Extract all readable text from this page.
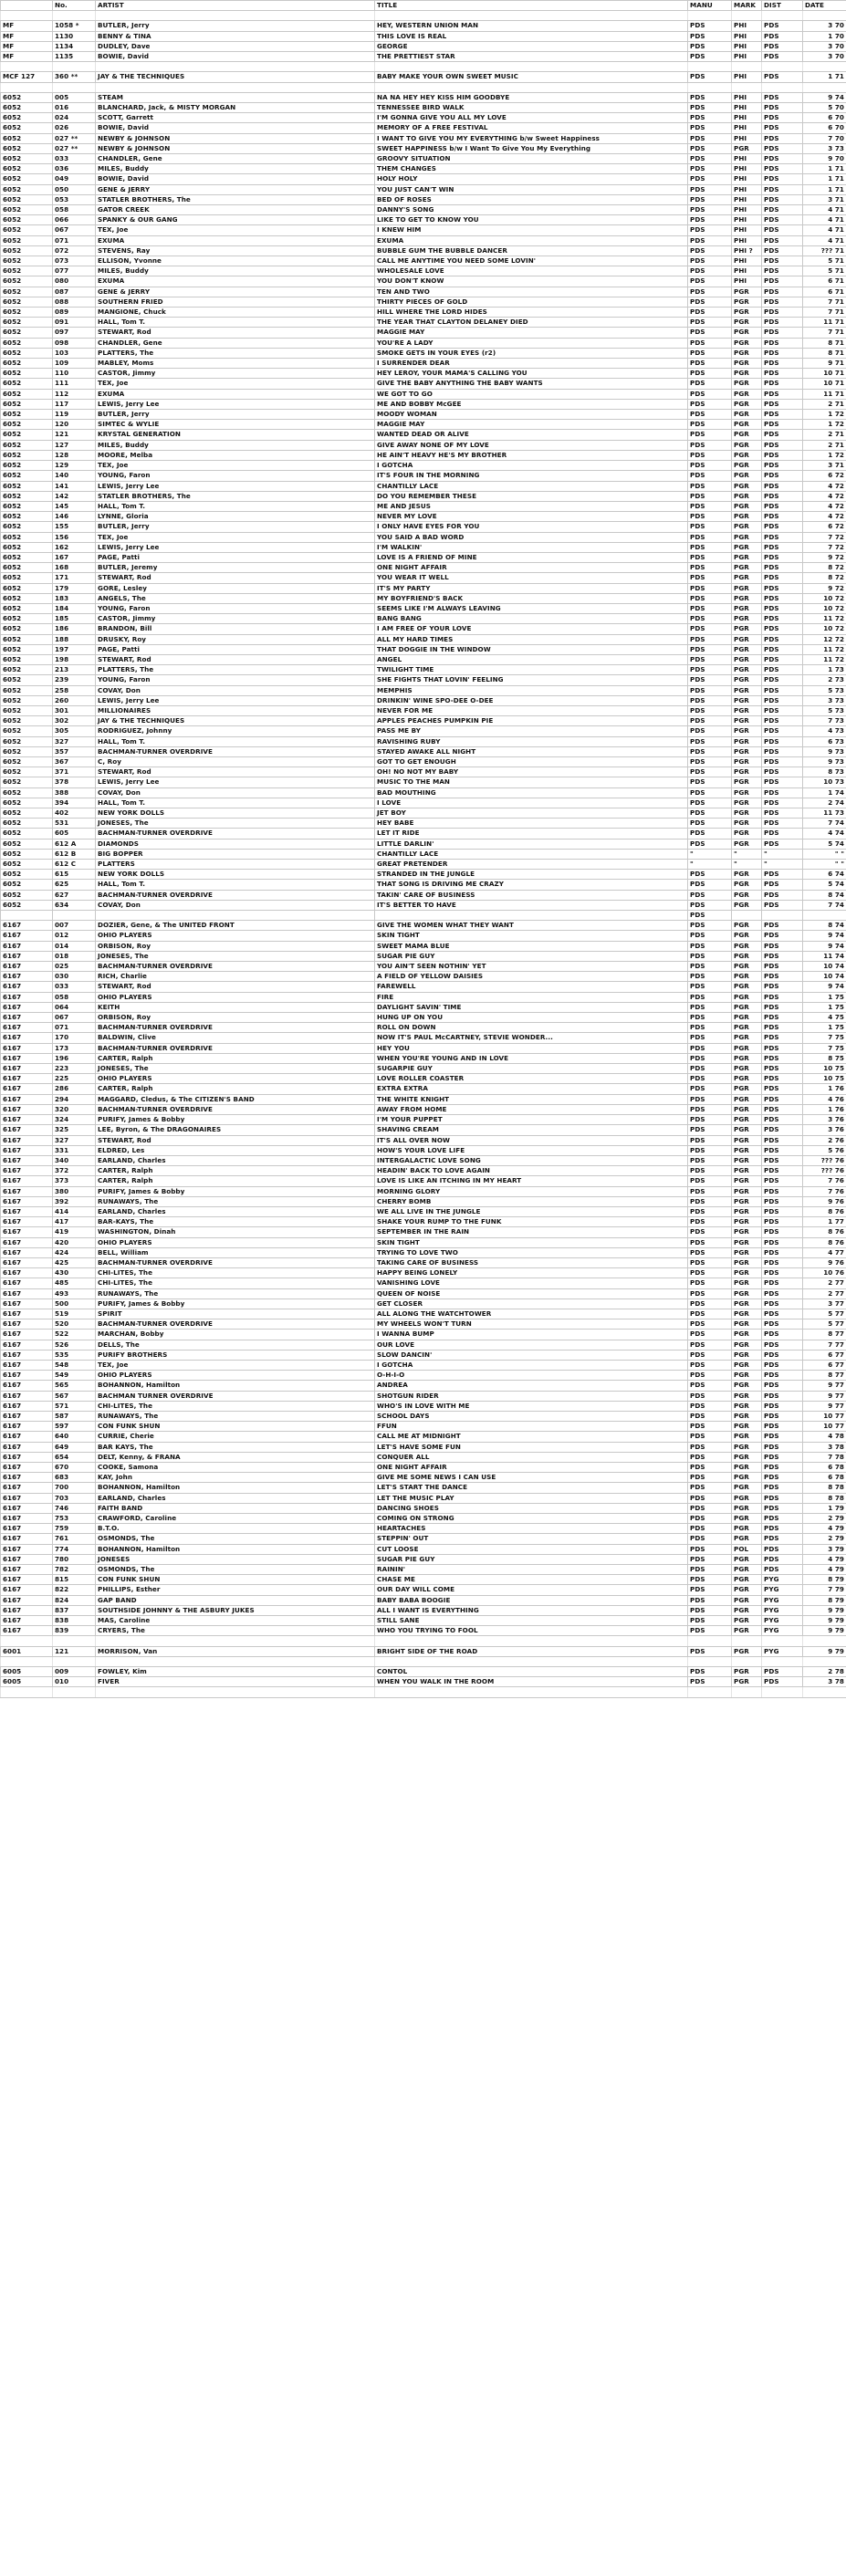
	No.	ARTIST	TITLE	MANU	MARK	DIST	DATE

MF	1058 *	BUTLER, Jerry	HEY, WESTERN UNION MAN	PDS	PHI	PDS	3 70
MF	1130	BENNY & TINA	THIS LOVE IS REAL	PDS	PHI	PDS	1 70
MF	1134	DUDLEY, Dave	GEORGE	PDS	PHI	PDS	3 70
MF	1135	BOWIE, David	THE PRETTIEST STAR	PDS	PHI	PDS	3 70

MCF 127	360 **	JAY & THE TECHNIQUES	BABY MAKE YOUR OWN SWEET MUSIC	PDS	PHI	PDS	1 71

6052	005	STEAM	NA NA HEY HEY KISS HIM GOODBYE	PDS	PHI	PDS	9 74
6052	016	BLANCHARD, Jack, & MISTY MORGAN	TENNESSEE BIRD WALK	PDS	PHI	PDS	5 70
6052	024	SCOTT, Garrett	I'M GONNA GIVE YOU ALL MY LOVE	PDS	PHI	PDS	6 70
6052	026	BOWIE, David	MEMORY OF A FREE FESTIVAL	PDS	PHI	PDS	6 70
6052	027 **	NEWBY & JOHNSON	I WANT TO GIVE YOU MY EVERYTHING b/w Sweet Happiness	PDS	PHI	PDS	7 70
6052	027 **	NEWBY & JOHNSON	SWEET HAPPINESS b/w I Want To Give You My Everything	PDS	PGR	PDS	3 73
6052	033	CHANDLER, Gene	GROOVY SITUATION	PDS	PHI	PDS	9 70
6052	036	MILES, Buddy	THEM CHANGES	PDS	PHI	PDS	1 71
6052	049	BOWIE, David	HOLY HOLY	PDS	PHI	PDS	1 71
6052	050	GENE & JERRY	YOU JUST CAN'T WIN	PDS	PHI	PDS	1 71
6052	053	STATLER BROTHERS, The	BED OF ROSES	PDS	PHI	PDS	3 71
6052	058	GATOR CREEK	DANNY'S SONG	PDS	PHI	PDS	4 71
6052	066	SPANKY & OUR GANG	LIKE TO GET TO KNOW YOU	PDS	PHI	PDS	4 71
6052	067	TEX, Joe	I KNEW HIM	PDS	PHI	PDS	4 71
6052	071	EXUMA	EXUMA	PDS	PHI	PDS	4 71
6052	072	STEVENS, Ray	BUBBLE GUM THE BUBBLE DANCER	PDS	PHI ?	PDS	??? 71
6052	073	ELLISON, Yvonne	CALL ME ANYTIME YOU NEED SOME LOVIN'	PDS	PHI	PDS	5 71
6052	077	MILES, Buddy	WHOLESALE LOVE	PDS	PHI	PDS	5 71
6052	080	EXUMA	YOU DON'T KNOW	PDS	PHI	PDS	6 71
6052	087	GENE & JERRY	TEN AND TWO	PDS	PGR	PDS	6 71
6052	088	SOUTHERN FRIED	THIRTY PIECES OF GOLD	PDS	PGR	PDS	7 71
6052	089	MANGIONE, Chuck	HILL WHERE THE LORD HIDES	PDS	PGR	PDS	7 71
6052	091	HALL, Tom T.	THE YEAR THAT CLAYTON DELANEY DIED	PDS	PGR	PDS	11 71
6052	097	STEWART, Rod	MAGGIE MAY	PDS	PGR	PDS	7 71
6052	098	CHANDLER, Gene	YOU'RE A LADY	PDS	PGR	PDS	8 71
6052	103	PLATTERS, The	SMOKE GETS IN YOUR EYES (r2)	PDS	PGR	PDS	8 71
6052	109	MABLEY, Moms	I SURRENDER DEAR	PDS	PGR	PDS	9 71
6052	110	CASTOR, Jimmy	HEY LEROY, YOUR MAMA'S CALLING YOU	PDS	PGR	PDS	10 71
6052	111	TEX, Joe	GIVE THE BABY ANYTHING THE BABY WANTS	PDS	PGR	PDS	10 71
6052	112	EXUMA	WE GOT TO GO	PDS	PGR	PDS	11 71
6052	117	LEWIS, Jerry Lee	ME AND BOBBY McGEE	PDS	PGR	PDS	2 71
6052	119	BUTLER, Jerry	MOODY WOMAN	PDS	PGR	PDS	1 72
6052	120	SIMTEC & WYLIE	MAGGIE MAY	PDS	PGR	PDS	1 72
6052	121	KRYSTAL GENERATION	WANTED DEAD OR ALIVE	PDS	PGR	PDS	2 71
6052	127	MILES, Buddy	GIVE AWAY NONE OF MY LOVE	PDS	PGR	PDS	2 71
6052	128	MOORE, Melba	HE AIN'T HEAVY HE'S MY BROTHER	PDS	PGR	PDS	1 72
6052	129	TEX, Joe	I GOTCHA	PDS	PGR	PDS	3 71
6052	140	YOUNG, Faron	IT'S FOUR IN THE MORNING	PDS	PGR	PDS	6 72
6052	141	LEWIS, Jerry Lee	CHANTILLY LACE	PDS	PGR	PDS	4 72
6052	142	STATLER BROTHERS, The	DO YOU REMEMBER THESE	PDS	PGR	PDS	4 72
6052	145	HALL, Tom T.	ME AND JESUS	PDS	PGR	PDS	4 72
6052	146	LYNNE, Gloria	NEVER MY LOVE	PDS	PGR	PDS	4 72
6052	155	BUTLER, Jerry	I ONLY HAVE EYES FOR YOU	PDS	PGR	PDS	6 72
6052	156	TEX, Joe	YOU SAID A BAD WORD	PDS	PGR	PDS	7 72
6052	162	LEWIS, Jerry Lee	I'M WALKIN'	PDS	PGR	PDS	7 72
6052	167	PAGE, Patti	LOVE IS A FRIEND OF MINE	PDS	PGR	PDS	9 72
6052	168	BUTLER, Jeremy	ONE NIGHT AFFAIR	PDS	PGR	PDS	8 72
6052	171	STEWART, Rod	YOU WEAR IT WELL	PDS	PGR	PDS	8 72
6052	179	GORE, Lesley	IT'S MY PARTY	PDS	PGR	PDS	9 72
6052	183	ANGELS, The	MY BOYFRIEND'S BACK	PDS	PGR	PDS	10 72
6052	184	YOUNG, Faron	SEEMS LIKE I'M ALWAYS LEAVING	PDS	PGR	PDS	10 72
6052	185	CASTOR, Jimmy	BANG BANG	PDS	PGR	PDS	11 72
6052	186	BRANDON, Bill	I AM FREE OF YOUR LOVE	PDS	PGR	PDS	10 72
6052	188	DRUSKY, Roy	ALL MY HARD TIMES	PDS	PGR	PDS	12 72
6052	197	PAGE, Patti	THAT DOGGIE IN THE WINDOW	PDS	PGR	PDS	11 72
6052	198	STEWART, Rod	ANGEL	PDS	PGR	PDS	11 72
6052	213	PLATTERS, The	TWILIGHT TIME	PDS	PGR	PDS	1 73
6052	239	YOUNG, Faron	SHE FIGHTS THAT LOVIN' FEELING	PDS	PGR	PDS	2 73
6052	258	COVAY, Don	MEMPHIS	PDS	PGR	PDS	5 73
6052	260	LEWIS, Jerry Lee	DRINKIN' WINE SPO-DEE O-DEE	PDS	PGR	PDS	3 73
6052	301	MILLIONAIRES	NEVER FOR ME	PDS	PGR	PDS	5 73
6052	302	JAY & THE TECHNIQUES	APPLES PEACHES PUMPKIN PIE	PDS	PGR	PDS	7 73
6052	305	RODRIGUEZ, Johnny	PASS ME BY	PDS	PGR	PDS	4 73
6052	327	HALL, Tom T.	RAVISHING RUBY	PDS	PGR	PDS	6 73
6052	357	BACHMAN-TURNER OVERDRIVE	STAYED AWAKE ALL NIGHT	PDS	PGR	PDS	9 73
6052	367	C, Roy	GOT TO GET ENOUGH	PDS	PGR	PDS	9 73
6052	371	STEWART, Rod	OH! NO NOT MY BABY	PDS	PGR	PDS	8 73
6052	378	LEWIS, Jerry Lee	MUSIC TO THE MAN	PDS	PGR	PDS	10 73
6052	388	COVAY, Don	BAD MOUTHING	PDS	PGR	PDS	1 74
6052	394	HALL, Tom T.	I LOVE	PDS	PGR	PDS	2 74
6052	402	NEW YORK DOLLS	JET BOY	PDS	PGR	PDS	11 73
6052	531	JONESES, The	HEY BABE	PDS	PGR	PDS	7 74
6052	605	BACHMAN-TURNER OVERDRIVE	LET IT RIDE	PDS	PGR	PDS	4 74
6052	612 A	DIAMONDS	LITTLE DARLIN'	PDS	PGR	PDS	5 74
6052	612 B	BIG BOPPER	CHANTILLY LACE	"	"	"	" "
6052	612 C	PLATTERS	GREAT PRETENDER	"	"	"	" "
6052	615	NEW YORK DOLLS	STRANDED IN THE JUNGLE	PDS	PGR	PDS	6 74
6052	625	HALL, Tom T.	THAT SONG IS DRIVING ME CRAZY	PDS	PGR	PDS	5 74
6052	627	BACHMAN-TURNER OVERDRIVE	TAKIN' CARE OF BUSINESS	PDS	PGR	PDS	8 74
6052	634	COVAY, Don	IT'S BETTER TO HAVE	PDS	PGR	PDS	7 74
				PDS			
6167	007	DOZIER, Gene, & The UNITED FRONT	GIVE THE WOMEN WHAT THEY WANT	PDS	PGR	PDS	8 74
6167	012	OHIO PLAYERS	SKIN TIGHT	PDS	PGR	PDS	9 74
6167	014	ORBISON, Roy	SWEET MAMA BLUE	PDS	PGR	PDS	9 74
6167	018	JONESES, The	SUGAR PIE GUY	PDS	PGR	PDS	11 74
6167	025	BACHMAN-TURNER OVERDRIVE	YOU AIN'T SEEN NOTHIN' YET	PDS	PGR	PDS	10 74
6167	030	RICH, Charlie	A FIELD OF YELLOW DAISIES	PDS	PGR	PDS	10 74
6167	033	STEWART, Rod	FAREWELL	PDS	PGR	PDS	9 74
6167	058	OHIO PLAYERS	FIRE	PDS	PGR	PDS	1 75
6167	064	KEITH	DAYLIGHT SAVIN' TIME	PDS	PGR	PDS	1 75
6167	067	ORBISON, Roy	HUNG UP ON YOU	PDS	PGR	PDS	4 75
6167	071	BACHMAN-TURNER OVERDRIVE	ROLL ON DOWN	PDS	PGR	PDS	1 75
6167	170	BALDWIN, Clive	NOW IT'S PAUL McCARTNEY, STEVIE WONDER...	PDS	PGR	PDS	7 75
6167	173	BACHMAN-TURNER OVERDRIVE	HEY YOU	PDS	PGR	PDS	7 75
6167	196	CARTER, Ralph	WHEN YOU'RE YOUNG AND IN LOVE	PDS	PGR	PDS	8 75
6167	223	JONESES, The	SUGARPIE GUY	PDS	PGR	PDS	10 75
6167	225	OHIO PLAYERS	LOVE ROLLER COASTER	PDS	PGR	PDS	10 75
6167	286	CARTER, Ralph	EXTRA EXTRA	PDS	PGR	PDS	1 76
6167	294	MAGGARD, Cledus, & The CITIZEN'S BAND	THE WHITE KNIGHT	PDS	PGR	PDS	4 76
6167	320	BACHMAN-TURNER OVERDRIVE	AWAY FROM HOME	PDS	PGR	PDS	1 76
6167	324	PURIFY, James & Bobby	I'M YOUR PUPPET	PDS	PGR	PDS	3 76
6167	325	LEE, Byron, & The DRAGONAIRES	SHAVING CREAM	PDS	PGR	PDS	3 76
6167	327	STEWART, Rod	IT'S ALL OVER NOW	PDS	PGR	PDS	2 76
6167	331	ELDRED, Les	HOW'S YOUR LOVE LIFE	PDS	PGR	PDS	5 76
6167	340	EARLAND, Charles	INTERGALACTIC LOVE SONG	PDS	PGR	PDS	??? 76
6167	372	CARTER, Ralph	HEADIN' BACK TO LOVE AGAIN	PDS	PGR	PDS	??? 76
6167	373	CARTER, Ralph	LOVE IS LIKE AN ITCHING IN MY HEART	PDS	PGR	PDS	7 76
6167	380	PURIFY, James & Bobby	MORNING GLORY	PDS	PGR	PDS	7 76
6167	392	RUNAWAYS, The	CHERRY BOMB	PDS	PGR	PDS	9 76
6167	414	EARLAND, Charles	WE ALL LIVE IN THE JUNGLE	PDS	PGR	PDS	8 76
6167	417	BAR-KAYS, The	SHAKE YOUR RUMP TO THE FUNK	PDS	PGR	PDS	1 77
6167	419	WASHINGTON, Dinah	SEPTEMBER IN THE RAIN	PDS	PGR	PDS	8 76
6167	420	OHIO PLAYERS	SKIN TIGHT	PDS	PGR	PDS	8 76
6167	424	BELL, William	TRYING TO LOVE TWO	PDS	PGR	PDS	4 77
6167	425	BACHMAN-TURNER OVERDRIVE	TAKING CARE OF BUSINESS	PDS	PGR	PDS	9 76
6167	430	CHI-LITES, The	HAPPY BEING LONELY	PDS	PGR	PDS	10 76
6167	485	CHI-LITES, The	VANISHING LOVE	PDS	PGR	PDS	2 77
6167	493	RUNAWAYS, The	QUEEN OF NOISE	PDS	PGR	PDS	2 77
6167	500	PURIFY, James & Bobby	GET CLOSER	PDS	PGR	PDS	3 77
6167	519	SPIRIT	ALL ALONG THE WATCHTOWER	PDS	PGR	PDS	5 77
6167	520	BACHMAN-TURNER OVERDRIVE	MY WHEELS WON'T TURN	PDS	PGR	PDS	5 77
6167	522	MARCHAN, Bobby	I WANNA BUMP	PDS	PGR	PDS	8 77
6167	526	DELLS, The	OUR LOVE	PDS	PGR	PDS	7 77
6167	535	PURIFY BROTHERS	SLOW DANCIN'	PDS	PGR	PDS	6 77
6167	548	TEX, Joe	I GOTCHA	PDS	PGR	PDS	6 77
6167	549	OHIO PLAYERS	O-H-I-O	PDS	PGR	PDS	8 77
6167	565	BOHANNON, Hamilton	ANDREA	PDS	PGR	PDS	9 77
6167	567	BACHMAN TURNER OVERDRIVE	SHOTGUN RIDER	PDS	PGR	PDS	9 77
6167	571	CHI-LITES, The	WHO'S IN LOVE WITH ME	PDS	PGR	PDS	9 77
6167	587	RUNAWAYS, The	SCHOOL DAYS	PDS	PGR	PDS	10 77
6167	597	CON FUNK SHUN	FFUN	PDS	PGR	PDS	10 77
6167	640	CURRIE, Cherie	CALL ME AT MIDNIGHT	PDS	PGR	PDS	4 78
6167	649	BAR KAYS, The	LET'S HAVE SOME FUN	PDS	PGR	PDS	3 78
6167	654	DELT, Kenny, & FRANA	CONQUER ALL	PDS	PGR	PDS	7 78
6167	670	COOKE, Samona	ONE NIGHT AFFAIR	PDS	PGR	PDS	6 78
6167	683	KAY, John	GIVE ME SOME NEWS I CAN USE	PDS	PGR	PDS	6 78
6167	700	BOHANNON, Hamilton	LET'S START THE DANCE	PDS	PGR	PDS	8 78
6167	703	EARLAND, Charles	LET THE MUSIC PLAY	PDS	PGR	PDS	8 78
6167	746	FAITH BAND	DANCING SHOES	PDS	PGR	PDS	1 79
6167	753	CRAWFORD, Caroline	COMING ON STRONG	PDS	PGR	PDS	2 79
6167	759	B.T.O.	HEARTACHES	PDS	PGR	PDS	4 79
6167	761	OSMONDS, The	STEPPIN' OUT	PDS	PGR	PDS	2 79
6167	774	BOHANNON, Hamilton	CUT LOOSE	PDS	POL	PDS	3 79
6167	780	JONESES	SUGAR PIE GUY	PDS	PGR	PDS	4 79
6167	782	OSMONDS, The	RAININ'	PDS	PGR	PDS	4 79
6167	815	CON FUNK SHUN	CHASE ME	PDS	PGR	PYG	8 79
6167	822	PHILLIPS, Esther	OUR DAY WILL COME	PDS	PGR	PYG	7 79
6167	824	GAP BAND	BABY BABA BOOGIE	PDS	PGR	PYG	8 79
6167	837	SOUTHSIDE JOHNNY & THE ASBURY JUKES	ALL I WANT IS EVERYTHING	PDS	PGR	PYG	9 79
6167	838	MAS, Caroline	STILL SANE	PDS	PGR	PYG	9 79
6167	839	CRYERS, The	WHO YOU TRYING TO FOOL	PDS	PGR	PYG	9 79

6001	121	MORRISON, Van	BRIGHT SIDE OF THE ROAD	PDS	PGR	PYG	9 79

6005	009	FOWLEY, Kim	CONTOL	PDS	PGR	PDS	2 78
6005	010	FIVER	WHEN YOU WALK IN THE ROOM	PDS	PGR	PDS	3 78
